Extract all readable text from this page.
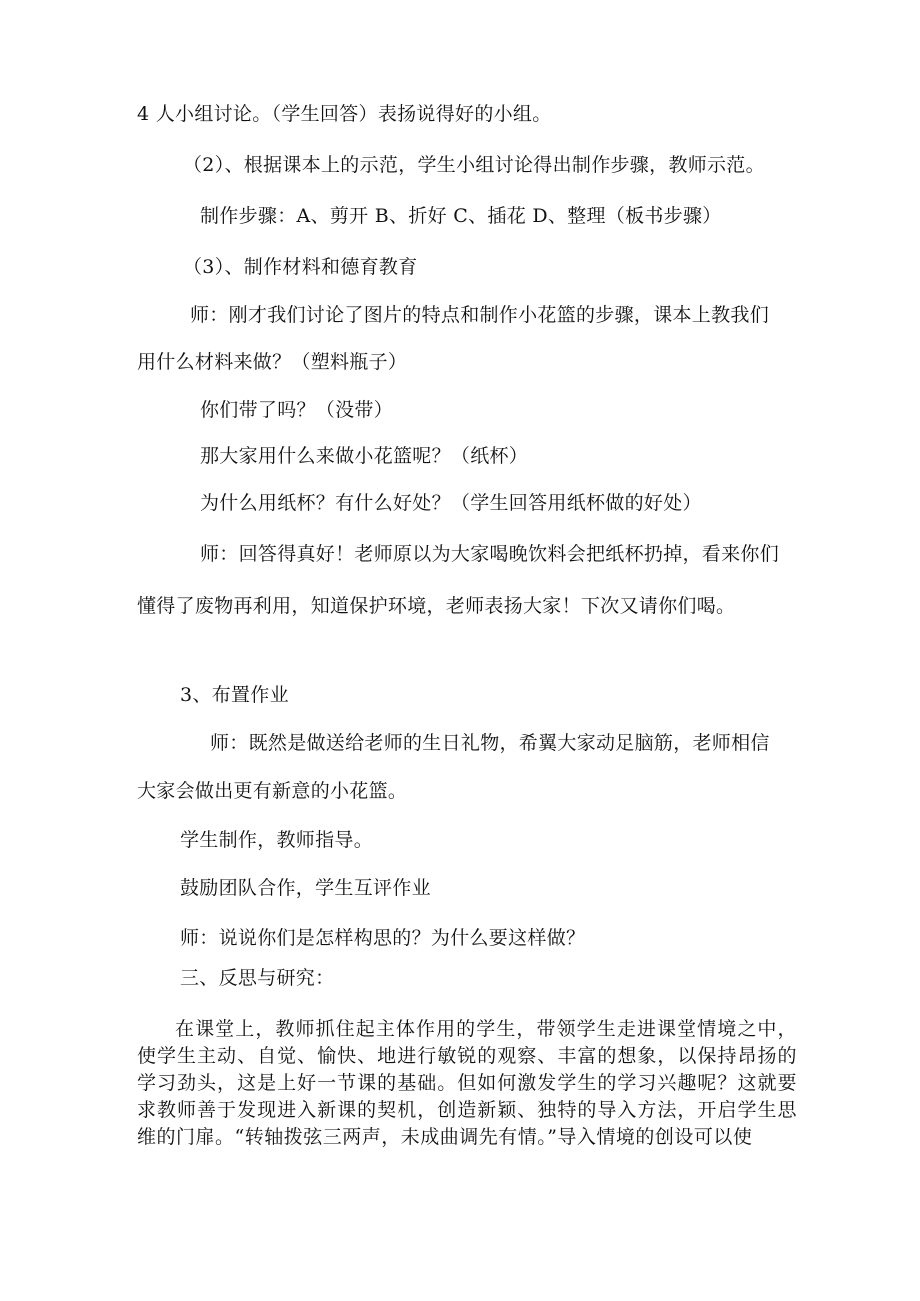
4 人小组讨论。（学生回答）表扬说得好的小组。
（2）、根据课本上的示范，学生小组讨论得出制作步骤，教师示范。
制作步骤：A、剪开 B、折好 C、插花 D、整理（板书步骤）
（3）、制作材料和德育教育
师：刚才我们讨论了图片的特点和制作小花篮的步骤，课本上教我们
用什么材料来做？（塑料瓶子）
你们带了吗？（没带）
那大家用什么来做小花篮呢？（纸杯）
为什么用纸杯？有什么好处？（学生回答用纸杯做的好处）
师：回答得真好！老师原以为大家喝晚饮料会把纸杯扔掉，看来你们
懂得了废物再利用，知道保护环境，老师表扬大家！下次又请你们喝。
3、布置作业
师：既然是做送给老师的生日礼物，希翼大家动足脑筋，老师相信
大家会做出更有新意的小花篮。
学生制作，教师指导。
鼓励团队合作，学生互评作业
师：说说你们是怎样构思的？为什么要这样做？
三、反思与研究：
在课堂上，教师抓住起主体作用的学生，带领学生走进课堂情境之中，使学生主动、自觉、愉快、地进行敏锐的观察、丰富的想象，以保持昂扬的学习劲头，这是上好一节课的基础。但如何激发学生的学习兴趣呢？这就要求教师善于发现进入新课的契机，创造新颖、独特的导入方法，开启学生思维的门扉。“转轴拨弦三两声，未成曲调先有情。”导入情境的创设可以使
